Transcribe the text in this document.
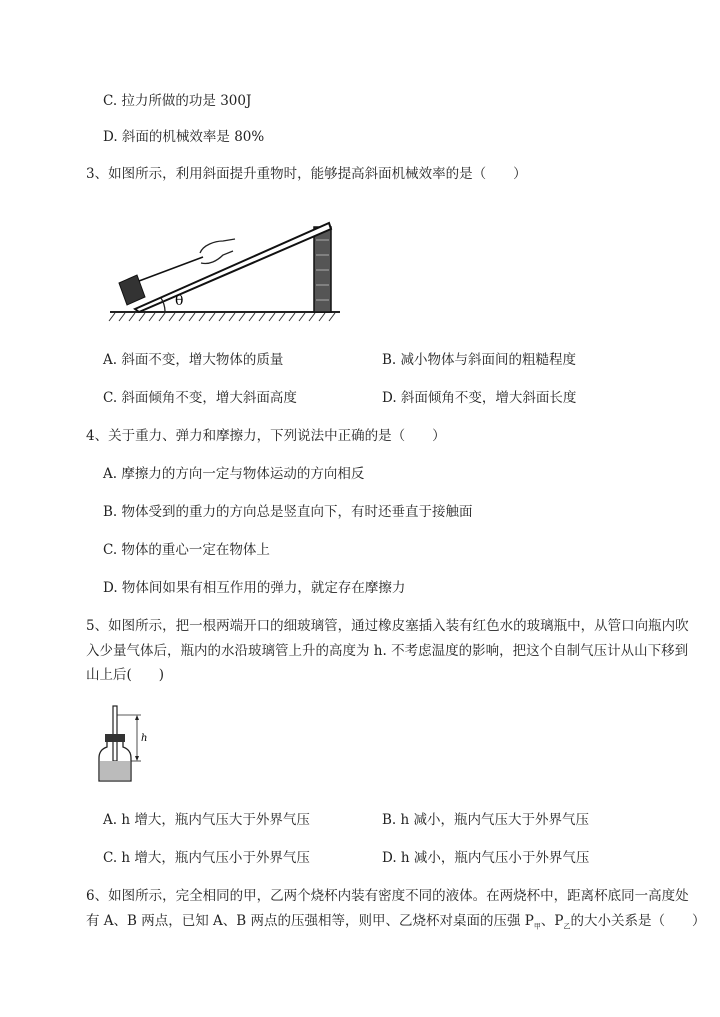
C. 拉力所做的功是 300J
D. 斜面的机械效率是 80%
3、如图所示，利用斜面提升重物时，能够提高斜面机械效率的是（　　）
θ
A. 斜面不变，增大物体的质量	B. 减小物体与斜面间的粗糙程度
C. 斜面倾角不变，增大斜面高度	D. 斜面倾角不变，增大斜面长度
4、关于重力、弹力和摩擦力，下列说法中正确的是（　　）
A. 摩擦力的方向一定与物体运动的方向相反
B. 物体受到的重力的方向总是竖直向下，有时还垂直于接触面
C. 物体的重心一定在物体上
D. 物体间如果有相互作用的弹力，就定存在摩擦力
5、如图所示，把一根两端开口的细玻璃管，通过橡皮塞插入装有红色水的玻璃瓶中，从管口向瓶内吹
入少量气体后，瓶内的水沿玻璃管上升的高度为 h. 不考虑温度的影响，把这个自制气压计从山下移到
山上后(　　)
h
A. h 增大，瓶内气压大于外界气压	B. h 减小，瓶内气压大于外界气压
C. h 增大，瓶内气压小于外界气压	D. h 减小，瓶内气压小于外界气压
6、如图所示，完全相同的甲，乙两个烧杯内装有密度不同的液体。在两烧杯中，距离杯底同一高度处
有 A、B 两点，已知 A、B 两点的压强相等，则甲、乙烧杯对桌面的压强 $P_甲$、$P_乙$的大小关系是（　　）
